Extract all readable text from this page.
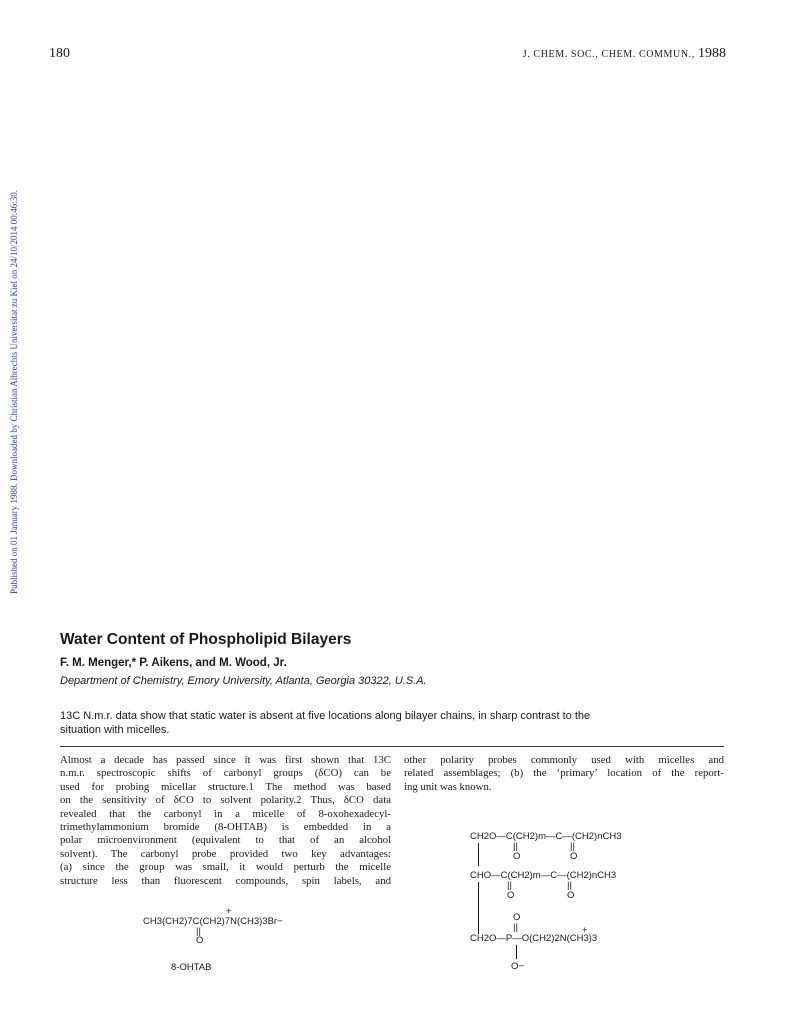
180	J. CHEM. SOC., CHEM. COMMUN., 1988
Published on 01 January 1988. Downloaded by Christian Albrechts Universitat zu Kiel on 24/10/2014 00:46:30.
Water Content of Phospholipid Bilayers
F. M. Menger,* P. Aikens, and M. Wood, Jr.
Department of Chemistry, Emory University, Atlanta, Georgia 30322, U.S.A.
13C N.m.r. data show that static water is absent at five locations along bilayer chains, in sharp contrast to the
situation with micelles.
Almost a decade has passed since it was first shown that 13C
n.m.r. spectroscopic shifts of carbonyl groups (δCO) can be
used for probing micellar structure.1 The method was based
on the sensitivity of δCO to solvent polarity.2 Thus, δCO data
revealed that the carbonyl in a micelle of 8-oxohexadecyl-
trimethylammonium bromide (8-OHTAB) is embedded in a
polar microenvironment (equivalent to that of an alcohol
solvent). The carbonyl probe provided two key advantages:
(a) since the group was small, it would perturb the micelle
structure less than fluorescent compounds, spin labels, and
other polarity probes commonly used with micelles and
related assemblages; (b) the ‘primary’ location of the report-
ing unit was known.
+
CH3(CH2)7C(CH2)7N(CH3)3Br−
||
O
8-OHTAB
CH2O—C(CH2)m—C—(CH2)nCH3
||	||
O	O
CHO—C(CH2)m—C—(CH2)nCH3
||	||
O	O
O
||	+
CH2O—P—O(CH2)2N(CH3)3
O−
